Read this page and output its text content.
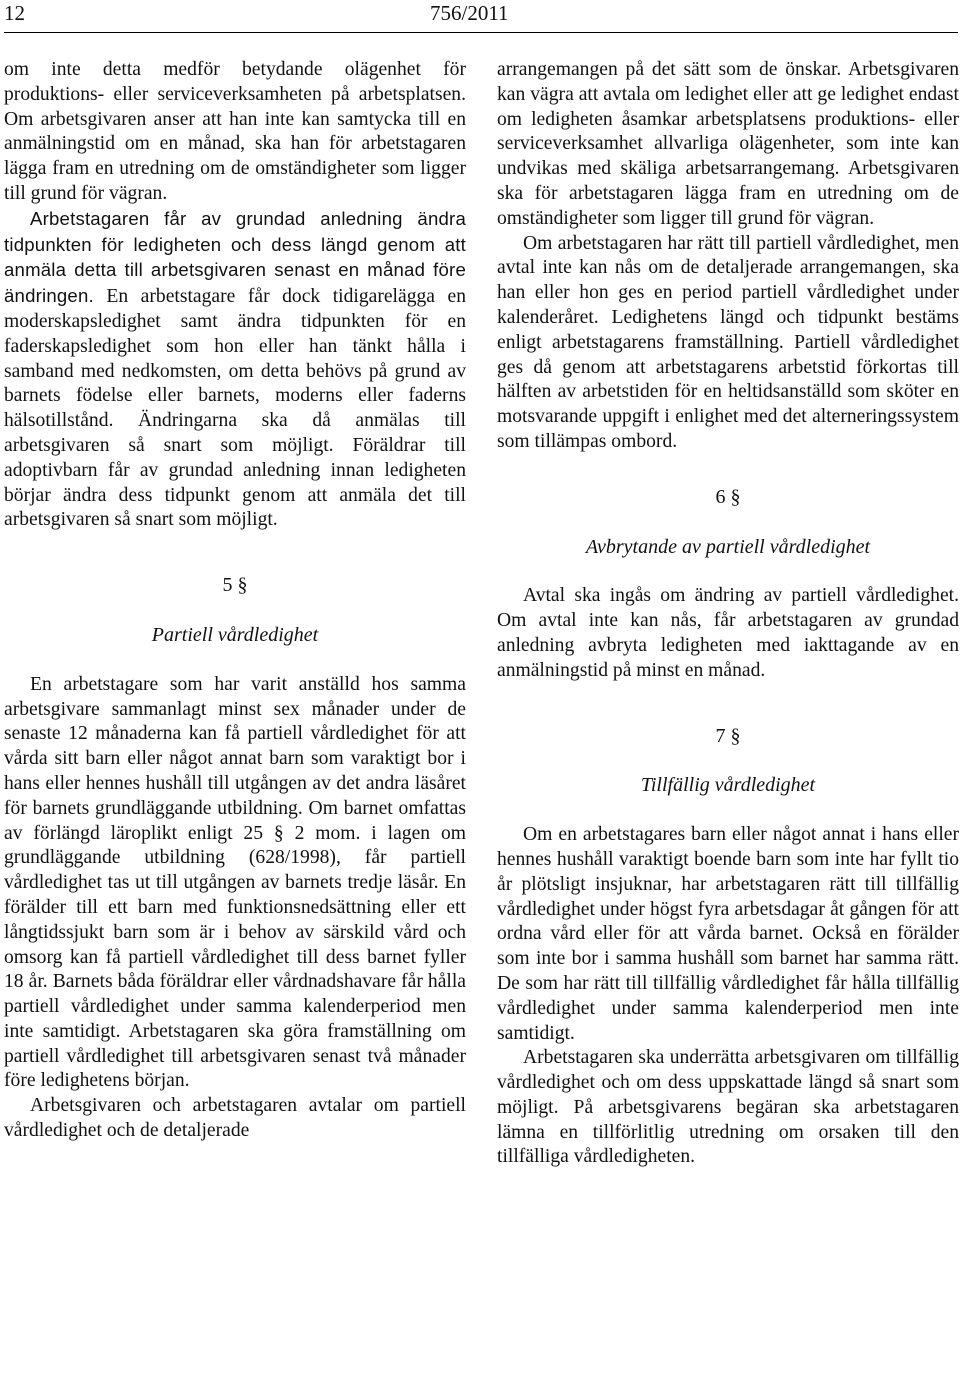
12	756/2011

om inte detta medför betydande olägenhet för produktions- eller serviceverksamheten på arbetsplatsen. Om arbetsgivaren anser att han inte kan samtycka till en anmälningstid om en månad, ska han för arbetstagaren lägga fram en utredning om de omständigheter som ligger till grund för vägran.

Arbetstagaren får av grundad anledning ändra tidpunkten för ledigheten och dess längd genom att anmäla detta till arbetsgivaren senast en månad före ändringen. En arbetstagare får dock tidigarelägga en moderskapsledighet samt ändra tidpunkten för en faderskapsledighet som hon eller han tänkt hålla i samband med nedkomsten, om detta behövs på grund av barnets födelse eller barnets, moderns eller faderns hälsotillstånd. Ändringarna ska då anmälas till arbetsgivaren så snart som möjligt. Föräldrar till adoptivbarn får av grundad anledning innan ledigheten börjar ändra dess tidpunkt genom att anmäla det till arbetsgivaren så snart som möjligt.

5 §

Partiell vårdledighet

En arbetstagare som har varit anställd hos samma arbetsgivare sammanlagt minst sex månader under de senaste 12 månaderna kan få partiell vårdledighet för att vårda sitt barn eller något annat barn som varaktigt bor i hans eller hennes hushåll till utgången av det andra läsåret för barnets grundläggande utbildning. Om barnet omfattas av förlängd läroplikt enligt 25 § 2 mom. i lagen om grundläggande utbildning (628/1998), får partiell vårdledighet tas ut till utgången av barnets tredje läsår. En förälder till ett barn med funktionsnedsättning eller ett långtidssjukt barn som är i behov av särskild vård och omsorg kan få partiell vårdledighet till dess barnet fyller 18 år. Barnets båda föräldrar eller vårdnadshavare får hålla partiell vårdledighet under samma kalenderperiod men inte samtidigt. Arbetstagaren ska göra framställning om partiell vårdledighet till arbetsgivaren senast två månader före ledighetens början.

Arbetsgivaren och arbetstagaren avtalar om partiell vårdledighet och de detaljerade

arrangemangen på det sätt som de önskar. Arbetsgivaren kan vägra att avtala om ledighet eller att ge ledighet endast om ledigheten åsamkar arbetsplatsens produktions- eller serviceverksamhet allvarliga olägenheter, som inte kan undvikas med skäliga arbetsarrangemang. Arbetsgivaren ska för arbetstagaren lägga fram en utredning om de omständigheter som ligger till grund för vägran.

Om arbetstagaren har rätt till partiell vårdledighet, men avtal inte kan nås om de detaljerade arrangemangen, ska han eller hon ges en period partiell vårdledighet under kalenderåret. Ledighetens längd och tidpunkt bestäms enligt arbetstagarens framställning. Partiell vårdledighet ges då genom att arbetstagarens arbetstid förkortas till hälften av arbetstiden för en heltidsanställd som sköter en motsvarande uppgift i enlighet med det alterneringssystem som tillämpas ombord.

6 §

Avbrytande av partiell vårdledighet

Avtal ska ingås om ändring av partiell vårdledighet. Om avtal inte kan nås, får arbetstagaren av grundad anledning avbryta ledigheten med iakttagande av en anmälningstid på minst en månad.

7 §

Tillfällig vårdledighet

Om en arbetstagares barn eller något annat i hans eller hennes hushåll varaktigt boende barn som inte har fyllt tio år plötsligt insjuknar, har arbetstagaren rätt till tillfällig vårdledighet under högst fyra arbetsdagar åt gången för att ordna vård eller för att vårda barnet. Också en förälder som inte bor i samma hushåll som barnet har samma rätt. De som har rätt till tillfällig vårdledighet får hålla tillfällig vårdledighet under samma kalenderperiod men inte samtidigt.

Arbetstagaren ska underrätta arbetsgivaren om tillfällig vårdledighet och om dess uppskattade längd så snart som möjligt. På arbetsgivarens begäran ska arbetstagaren lämna en tillförlitlig utredning om orsaken till den tillfälliga vårdledigheten.
